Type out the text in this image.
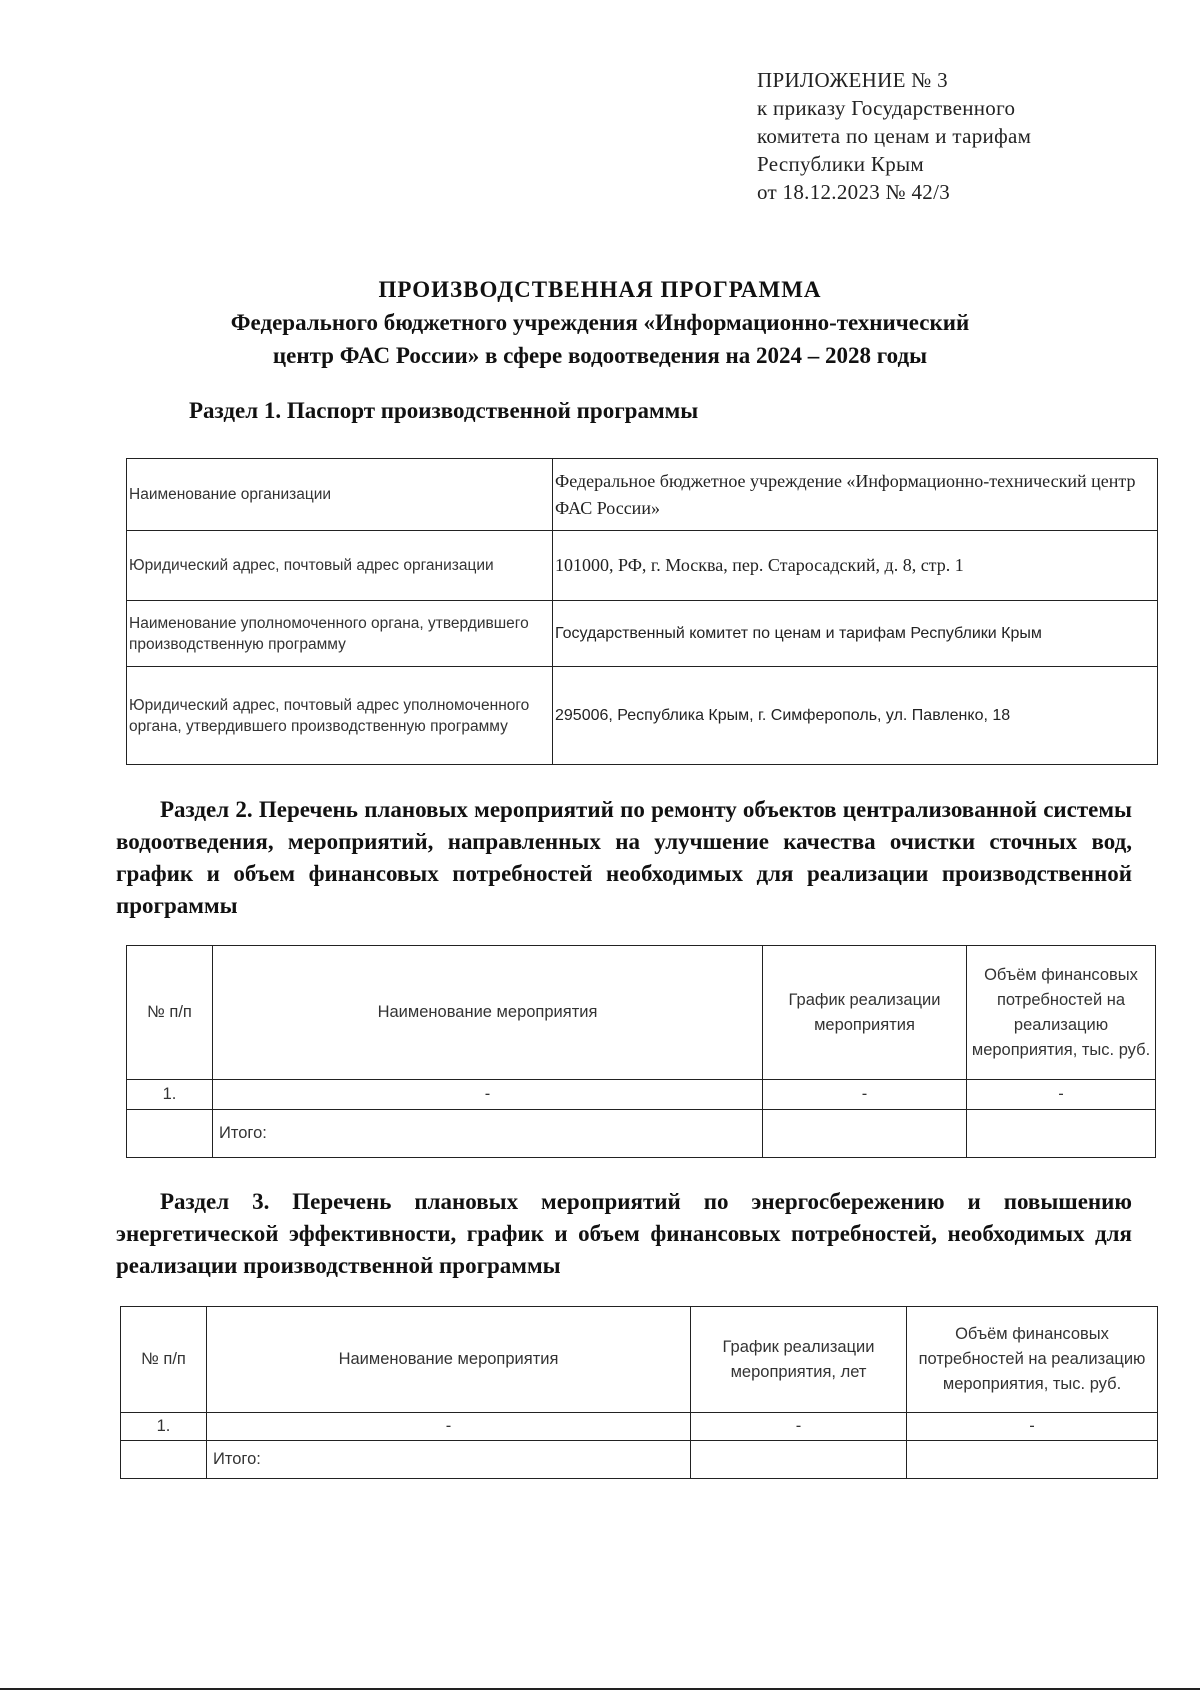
ПРИЛОЖЕНИЕ № 3
к приказу Государственного
комитета по ценам и тарифам
Республики Крым
от 18.12.2023 № 42/3
ПРОИЗВОДСТВЕННАЯ ПРОГРАММА
Федерального бюджетного учреждения «Информационно-технический
центр ФАС России» в сфере водоотведения на 2024 – 2028 годы
Раздел 1. Паспорт производственной программы
Наименование организации	Федеральное бюджетное учреждение «Информационно-технический центр ФАС России»
Юридический адрес, почтовый адрес организации	101000, РФ, г. Москва, пер. Старосадский, д. 8, стр. 1
Наименование уполномоченного органа, утвердившего производственную программу	Государственный комитет по ценам и тарифам Республики Крым
Юридический адрес, почтовый адрес уполномоченного органа, утвердившего производственную программу	295006, Республика Крым, г. Симферополь, ул. Павленко, 18
Раздел 2. Перечень плановых мероприятий по ремонту объектов централизованной системы водоотведения, мероприятий, направленных на улучшение качества очистки сточных вод, график и объем финансовых потребностей необходимых для реализации производственной программы
№ п/п	Наименование мероприятия	График реализации мероприятия	Объём финансовых потребностей на реализацию мероприятия, тыс. руб.
1.	-	-	-
	Итого:		
Раздел 3. Перечень плановых мероприятий по энергосбережению и повышению энергетической эффективности, график и объем финансовых потребностей, необходимых для реализации производственной программы
№ п/п	Наименование мероприятия	График реализации мероприятия, лет	Объём финансовых потребностей на реализацию мероприятия, тыс. руб.
1.	-	-	-
	Итого:		
